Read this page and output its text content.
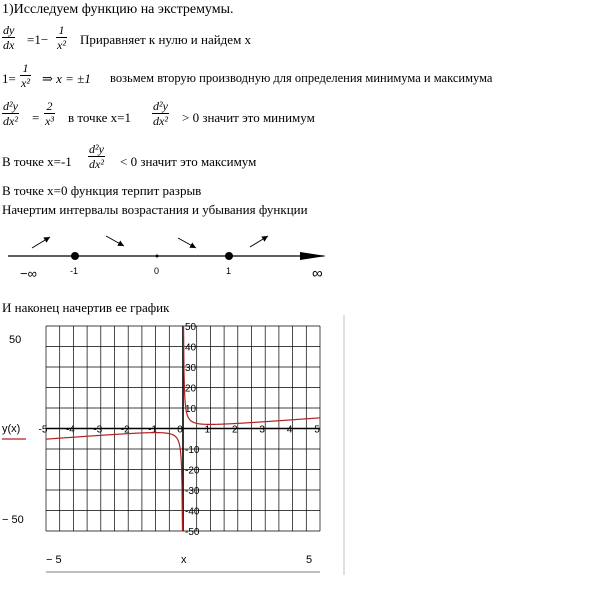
1)Исследуем функцию на экстремумы.
dy
dx =1−
1
x² Приравняет к нулю и найдем х
1=
1
x² ⇒ x = ±1 возьмем вторую производную для определения минимума и максимума
d²y
dx² =
2
x³ в точке х=1
d²y
dx² > 0 значит это минимум
В точке х=-1
d²y
dx² < 0 значит это максимум
В точке х=0 функция терпит разрыв
Начертим интервалы возрастания и убывания функции
−∞	-1	0	1	∞
И наконец начертив ее график
-5 -4 -3 -2 -1 0 1 2 3 4 5
50
40
30
20
10
-10
-20
-30
-40
-50
50
− 50
y(x)
− 5	x	5
